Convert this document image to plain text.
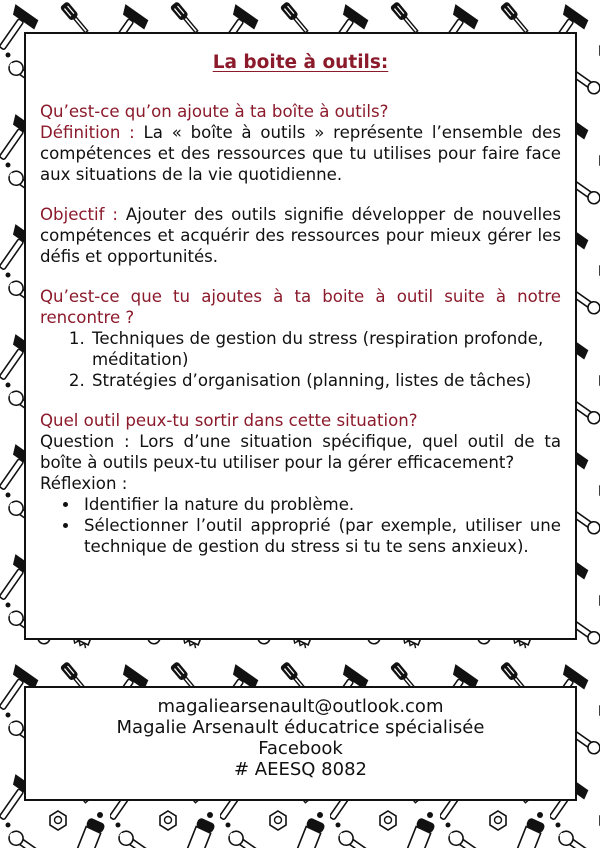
La boite à outils:

Qu’est-ce qu’on ajoute à ta boîte à outils?

Définition : La « boîte à outils » représente l’ensemble des compétences et des ressources que tu utilises pour faire face aux situations de la vie quotidienne.

Objectif : Ajouter des outils signifie développer de nouvelles compétences et acquérir des ressources pour mieux gérer les défis et opportunités.

Qu’est-ce que tu ajoutes à ta boite à outil suite à notre rencontre ?

1. Techniques de gestion du stress (respiration profonde, méditation)
2. Stratégies d’organisation (planning, listes de tâches)

Quel outil peux-tu sortir dans cette situation?

Question : Lors d’une situation spécifique, quel outil de ta boîte à outils peux-tu utiliser pour la gérer efficacement?

Réflexion :

• Identifier la nature du problème.
• Sélectionner l’outil approprié (par exemple, utiliser une technique de gestion du stress si tu te sens anxieux).
magaliearsenault@outlook.com
Magalie Arsenault éducatrice spécialisée
Facebook
# AEESQ 8082
